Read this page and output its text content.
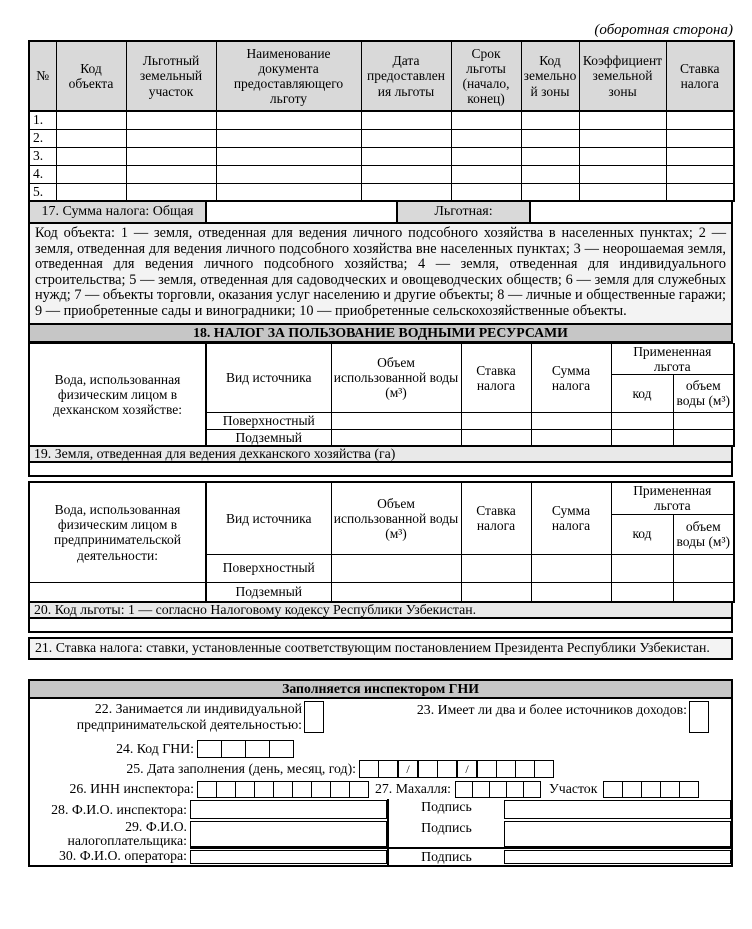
(оборотная сторона)
№	Код объекта	Льготный земельный участок	Наименование документа предоставляющего льготу	Дата предоставления льготы	Срок льготы (начало, конец)	Код земельной зоны	Коэффициент земельной зоны	Ставка налога
1.								
2.								
3.								
4.								
5.								
17. Сумма налога: Общая	Льготная:
Код объекта: 1 — земля, отведенная для ведения личного подсобного хозяйства в населенных пунктах; 2 — земля, отведенная для ведения личного подсобного хозяйства вне населенных пунктах; 3 — неорошаемая земля, отведенная для ведения личного подсобного хозяйства; 4 — земля, отведенная для индивидуального строительства; 5 — земля, отведенная для садоводческих и овощеводческих обществ; 6 — земля для служебных нужд; 7 — объекты торговли, оказания услуг населению и другие объекты; 8 — личные и общественные гаражи; 9 — приобретенные сады и виноградники; 10 — приобретенные сельскохозяйственные объекты.
18. НАЛОГ ЗА ПОЛЬЗОВАНИЕ ВОДНЫМИ РЕСУРСАМИ
Вода, использованная физическим лицом в дехканском хозяйстве:	Вид источника	Объем использованной воды (м³)	Ставка налога	Сумма налога	Примененная льгота	
					код	объем воды (м³)
	Поверхностный					
	Подземный					
19. Земля, отведенная для ведения дехканского хозяйства (га)
Вода, использованная физическим лицом в предпринимательской деятельности:	Вид источника	Объем использованной воды (м³)	Ставка налога	Сумма налога	Примененная льгота	
					код	объем воды (м³)
	Поверхностный					
	Подземный					
20. Код льготы: 1 — согласно Налоговому кодексу Республики Узбекистан.
21. Ставка налога: ставки, установленные соответствующим постановлением Президента Республики Узбекистан.
Заполняется инспектором ГНИ
22. Занимается ли индивидуальной предпринимательской деятельностью:
23. Имеет ли два и более источников доходов:
24. Код ГНИ:
25. Дата заполнения (день, месяц, год):	/	/
26. ИНН инспектора:	27. Махалля:	Участок
28. Ф.И.О. инспектора:	Подпись
29. Ф.И.О. налогоплательщика:
Подпись
30. Ф.И.О. оператора:	Подпись
